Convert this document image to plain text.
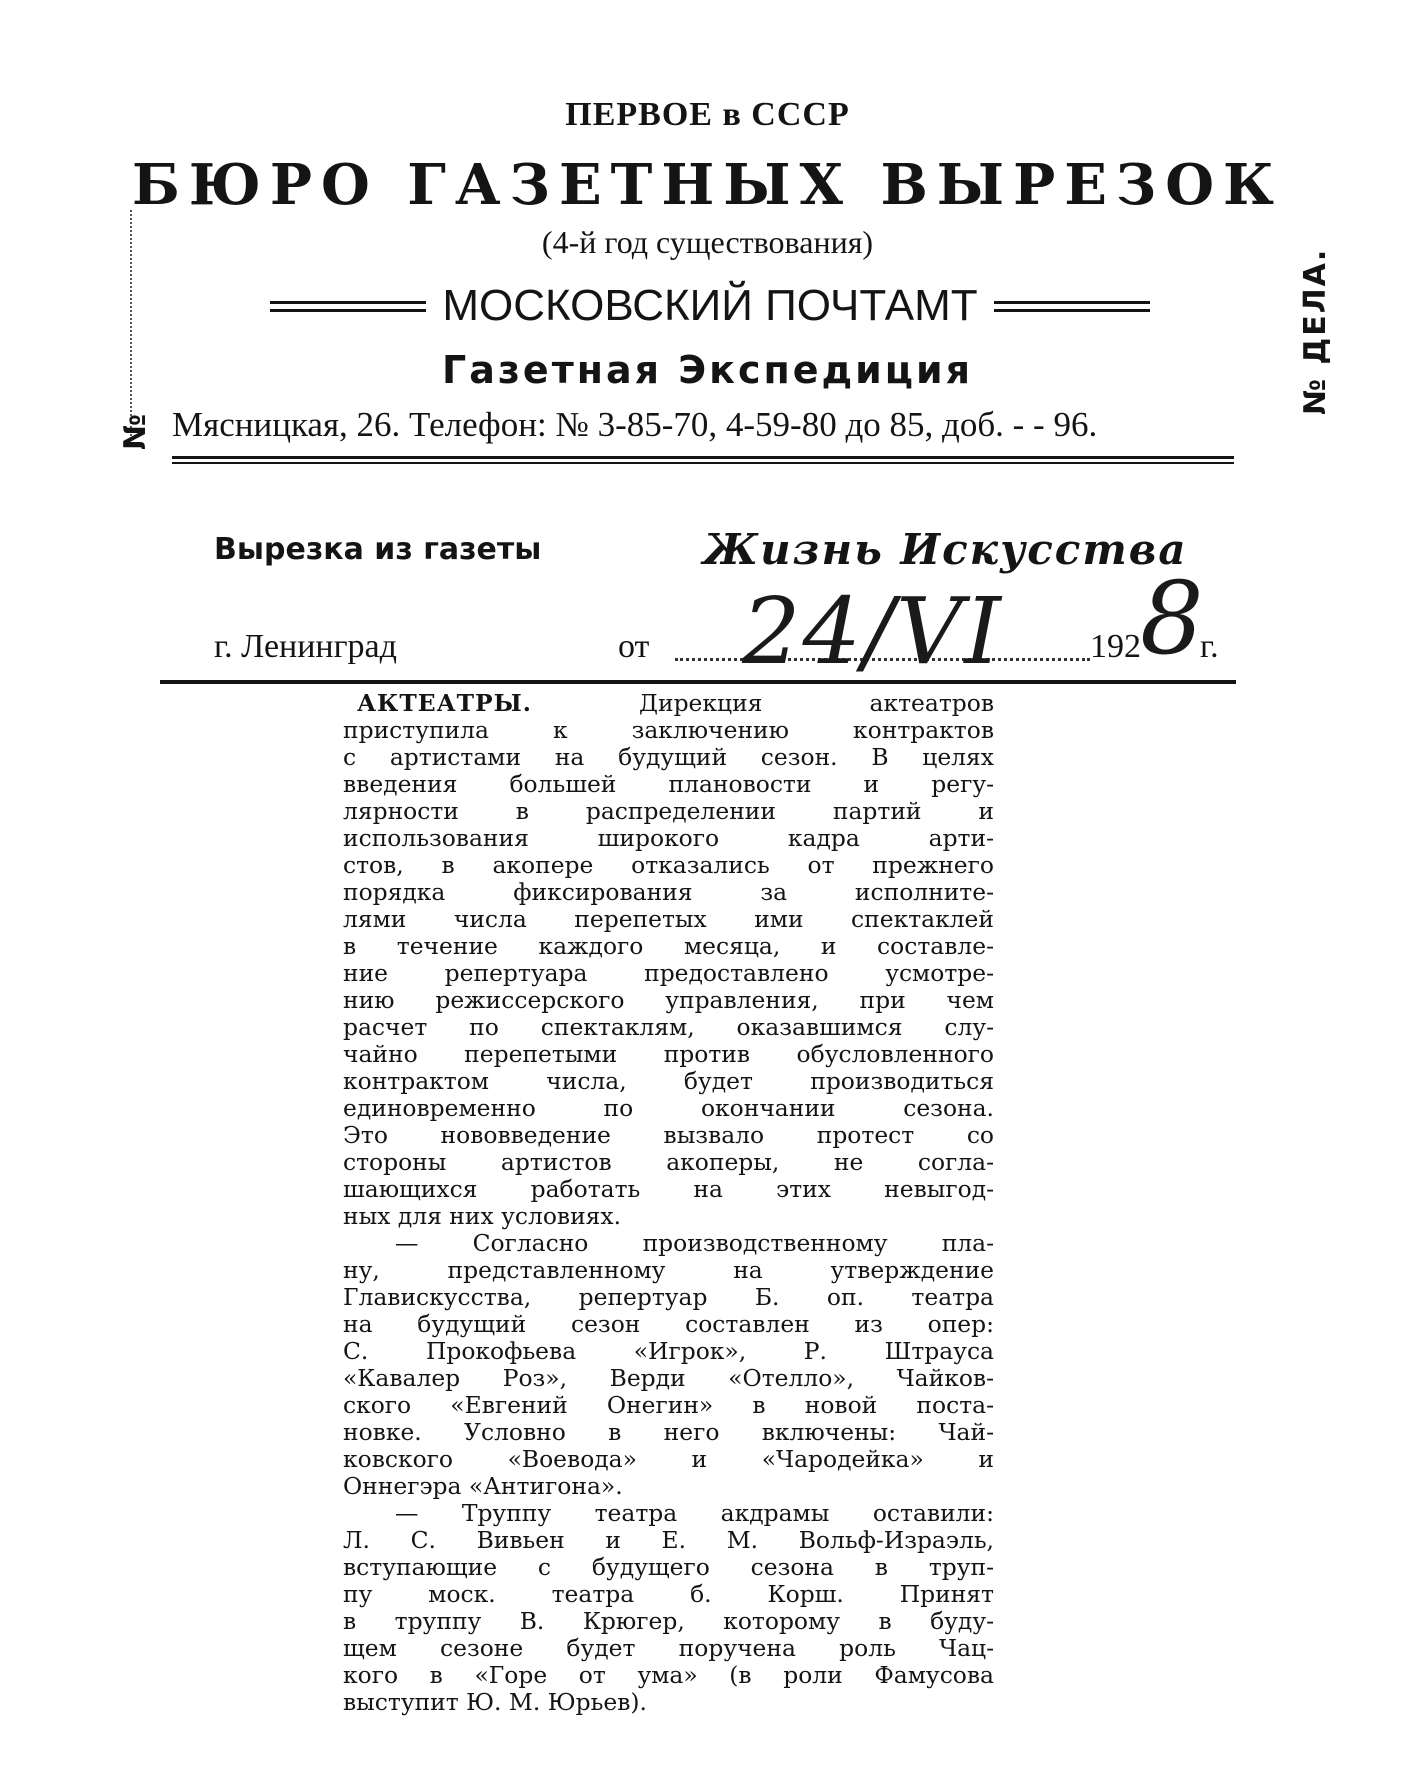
№
№ ДЕЛА.
ПЕРВОЕ в СССР
БЮРО ГАЗЕТНЫХ ВЫРЕЗОК
(4-й год существования)
МОСКОВСКИЙ ПОЧТАМТ
Газетная Экспедиция
Мясницкая, 26. Телефон: № 3-85-70, 4-59-80 до 85, доб. - - 96.
Вырезка из газеты	Жизнь Искусства
г. Ленинград	от 24/VI	192 8
г.
АКТЕАТРЫ. Дирекция актеатров
приступила к заключению контрактов
с артистами на будущий сезон. В целях
введения большей плановости и регу-
лярности в распределении партий и
использования широкого кадра арти-
стов, в акопере отказались от прежнего
порядка фиксирования за исполните-
лями числа перепетых ими спектаклей
в течение каждого месяца, и составле-
ние репертуара предоставлено усмотре-
нию режиссерского управления, при чем
расчет по спектаклям, оказавшимся слу-
чайно перепетыми против обусловленного
контрактом числа, будет производиться
единовременно по окончании сезона.
Это нововведение вызвало протест со
стороны артистов акоперы, не согла-
шающихся работать на этих невыгод-
ных для них условиях.
— Согласно производственному пла-
ну, представленному на утверждение
Главискусства, репертуар Б. оп. театра
на будущий сезон составлен из опер:
С. Прокофьева «Игрок», Р. Штрауса
«Кавалер Роз», Верди «Отелло», Чайков-
ского «Евгений Онегин» в новой поста-
новке. Условно в него включены: Чай-
ковского «Воевода» и «Чародейка» и
Оннегэра «Антигона».
— Труппу театра акдрамы оставили:
Л. С. Вивьен и Е. М. Вольф-Израэль,
вступающие с будущего сезона в труп-
пу моск. театра б. Корш. Принят
в труппу В. Крюгер, которому в буду-
щем сезоне будет поручена роль Чац-
кого в «Горе от ума» (в роли Фамусова
выступит Ю. М. Юрьев).
